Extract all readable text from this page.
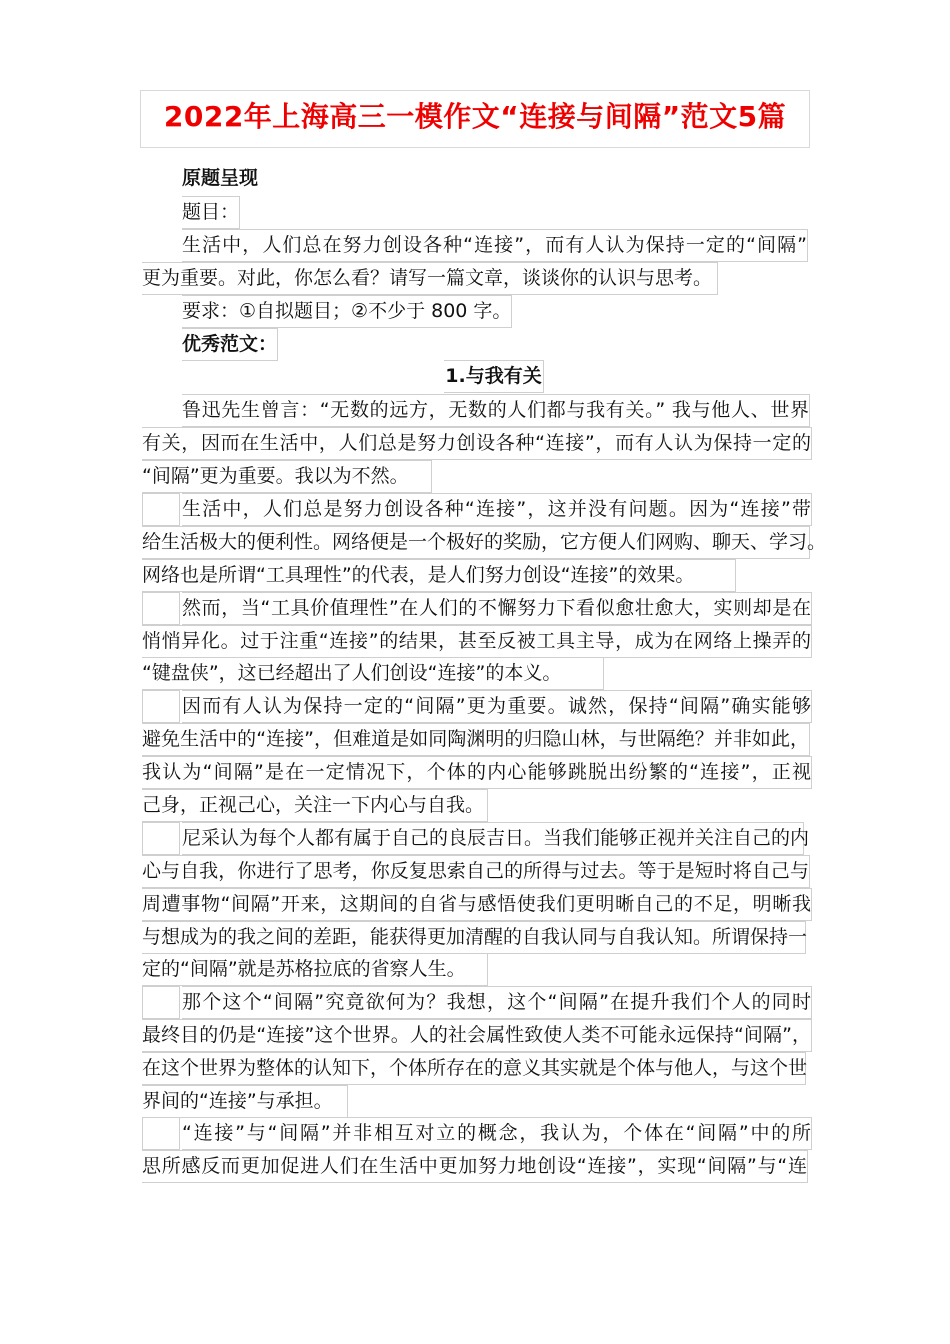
2022年上海高三一模作文“连接与间隔”范文5篇
原题呈现
题目：
生活中，人们总在努力创设各种“连接”，而有人认为保持一定的“间隔”
更为重要。对此，你怎么看？请写一篇文章，谈谈你的认识与思考。
要求：①自拟题目；②不少于 800 字。
优秀范文：
1.与我有关
鲁迅先生曾言：“无数的远方，无数的人们都与我有关。” 我与他人、世界
有关，因而在生活中，人们总是努力创设各种“连接”，而有人认为保持一定的
“间隔”更为重要。我以为不然。
生活中，人们总是努力创设各种“连接”，这并没有问题。因为“连接”带
给生活极大的便利性。网络便是一个极好的奖励，它方便人们网购、聊天、学习。
网络也是所谓“工具理性”的代表，是人们努力创设“连接”的效果。
然而，当“工具价值理性”在人们的不懈努力下看似愈壮愈大，实则却是在
悄悄异化。过于注重“连接”的结果，甚至反被工具主导，成为在网络上操弄的
“键盘侠”，这已经超出了人们创设“连接”的本义。
因而有人认为保持一定的“间隔”更为重要。诚然，保持“间隔”确实能够
避免生活中的“连接”，但难道是如同陶渊明的归隐山林，与世隔绝？并非如此，
我认为“间隔”是在一定情况下，个体的内心能够跳脱出纷繁的“连接”，正视
己身，正视己心，关注一下内心与自我。
尼采认为每个人都有属于自己的良辰吉日。当我们能够正视并关注自己的内
心与自我，你进行了思考，你反复思索自己的所得与过去。等于是短时将自己与
周遭事物“间隔”开来，这期间的自省与感悟使我们更明晰自己的不足，明晰我
与想成为的我之间的差距，能获得更加清醒的自我认同与自我认知。所谓保持一
定的“间隔”就是苏格拉底的省察人生。
那个这个“间隔”究竟欲何为？我想，这个“间隔”在提升我们个人的同时
最终目的仍是“连接”这个世界。人的社会属性致使人类不可能永远保持“间隔”，
在这个世界为整体的认知下，个体所存在的意义其实就是个体与他人，与这个世
界间的“连接”与承担。
“连接”与“间隔”并非相互对立的概念，我认为，个体在“间隔”中的所
思所感反而更加促进人们在生活中更加努力地创设“连接”，实现“间隔”与“连
